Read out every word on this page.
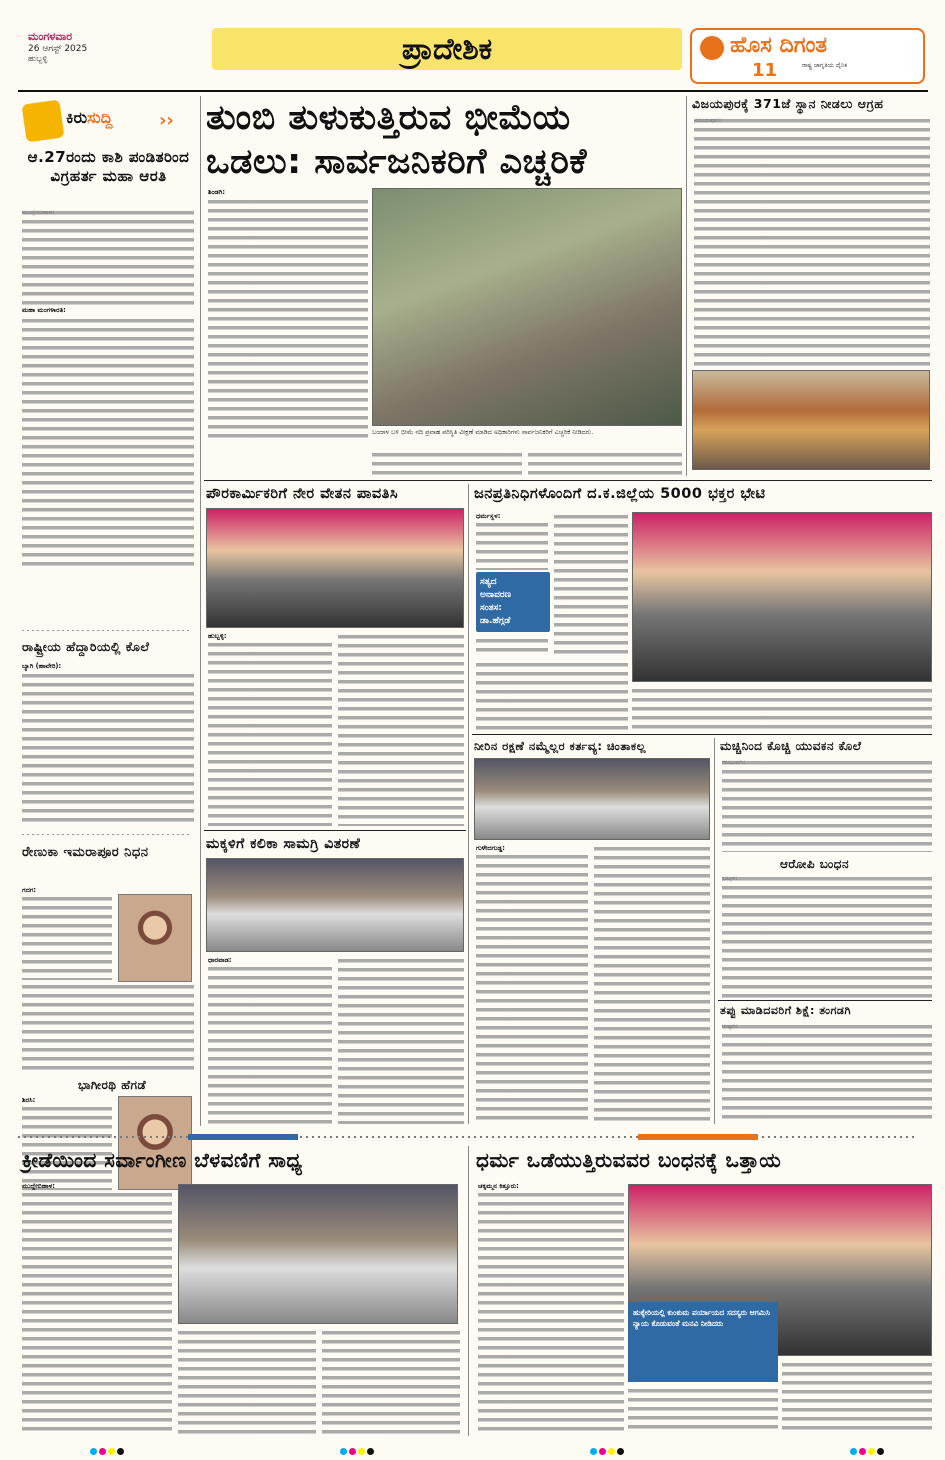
ಮಂಗಳವಾರ
26 ಆಗಸ್ಟ್ 2025
ಹುಬ್ಬಳ್ಳಿ	ಪ್ರಾದೇಶಿಕ	ಹೊಸ ದಿಗಂತ
ರಾಷ್ಟ್ರ ಜಾಗೃತಿಯ ದೈನಿಕ
11
ಕಿರುಸುದ್ದಿ	››
ಆ.27ರಂದು ಕಾಶಿ ಪಂಡಿತರಿಂದ ವಿಗ್ರಹರ್ತ ಮಹಾ ಆರತಿ
ಮುದ್ದೇಬಿಹಾಳ:
ಮಹಾ ಮಂಗಳಾರತಿ:
ರಾಷ್ಟ್ರೀಯ ಹೆದ್ದಾರಿಯಲ್ಲಿ ಕೊಲೆ
ಬ್ಯಾಗಿ (ಹಾವೇರಿ):
ರೇಣುಕಾ ಇಮರಾಪೂರ ನಿಧನ
ಗದಗ:
ಭಾಗೀರಥಿ ಹೆಗಡೆ
ಶಿರಸಿ:
ತುಂಬಿ ತುಳುಕುತ್ತಿರುವ ಭೀಮೆಯ
ಒಡಲು: ಸಾರ್ವಜನಿಕರಿಗೆ ಎಚ್ಚರಿಕೆ
ಶಿಂಡಗಿ:
ಬಂದಾಳ ಬಳಿ ಭೀಮೆ ನದಿ ಪ್ರವಾಹ ಪರಿಸ್ಥಿತಿ ವೀಕ್ಷಣೆ ಮಾಡಿದ ಅಧಿಕಾರಿಗಳು ಸಾರ್ವಜನಿಕರಿಗೆ ಎಚ್ಚರಿಕೆ ನೀಡಿದರು.
ವಿಜಯಪುರಕ್ಕೆ 371ಜೆ ಸ್ಥಾನ ನೀಡಲು ಆಗ್ರಹ
ವಿಜಯಪುರ:
ಪೌರಕಾರ್ಮಿಕರಿಗೆ ನೇರ ವೇತನ ಪಾವತಿಸಿ
ಹುಬ್ಬಳ್ಳಿ:
ಜನಪ್ರತಿನಿಧಿಗಳೊಂದಿಗೆ ದ.ಕ.ಜಿಲ್ಲೆಯ 5000 ಭಕ್ತರ ಭೇಟಿ
ಧರ್ಮಸ್ಥಳ:
ಸತ್ಯದ
ಅನಾವರಣ
ಸಂತಸ:
ಡಾ.ಹೆಗ್ಗಡೆ
ನೀರಿನ ರಕ್ಷಣೆ ನಮ್ಮೆಲ್ಲರ ಕರ್ತವ್ಯ: ಚಿಂತಾಕಲ್ಲ
ಗುಳೇದಗುಡ್ಡ:
ಮಚ್ಚಿನಿಂದ ಕೊಚ್ಚಿ ಯುವಕನ ಕೊಲೆ
ಕಲಬುರಗಿ:
ಆರೋಪಿ ಬಂಧನ
ಭಟ್ಕಳ:
ತಪ್ಪು ಮಾಡಿದವರಿಗೆ ಶಿಕ್ಷೆ: ತಂಗಡಗಿ
ಕುಷ್ಟಗಿ:
ಮಕ್ಕಳಿಗೆ ಕಲಿಕಾ ಸಾಮಗ್ರಿ ವಿತರಣೆ
ಧಾರವಾಡ:
ಕ್ರೀಡೆಯಿಂದ ಸರ್ವಾಂಗೀಣ ಬೆಳವಣಿಗೆ ಸಾಧ್ಯ
ಮುದ್ದೇಬಿಹಾಳ:
ಧರ್ಮ ಒಡೆಯುತ್ತಿರುವವರ ಬಂಧನಕ್ಕೆ ಒತ್ತಾಯ
ಚಕ್ಕಮ್ಮನ ಕಿತ್ತೂರು:
ಹುಕ್ಕೇರಿಯಲ್ಲಿ ಕುಂಕುಮ ಪರ್ಯಾಯದ ಸದಸ್ಯರು ಆಗಮಿಸಿ ನ್ಯಾಯ ಕೊಡುವಂತೆ ಮನವಿ ನೀಡಿದರು
